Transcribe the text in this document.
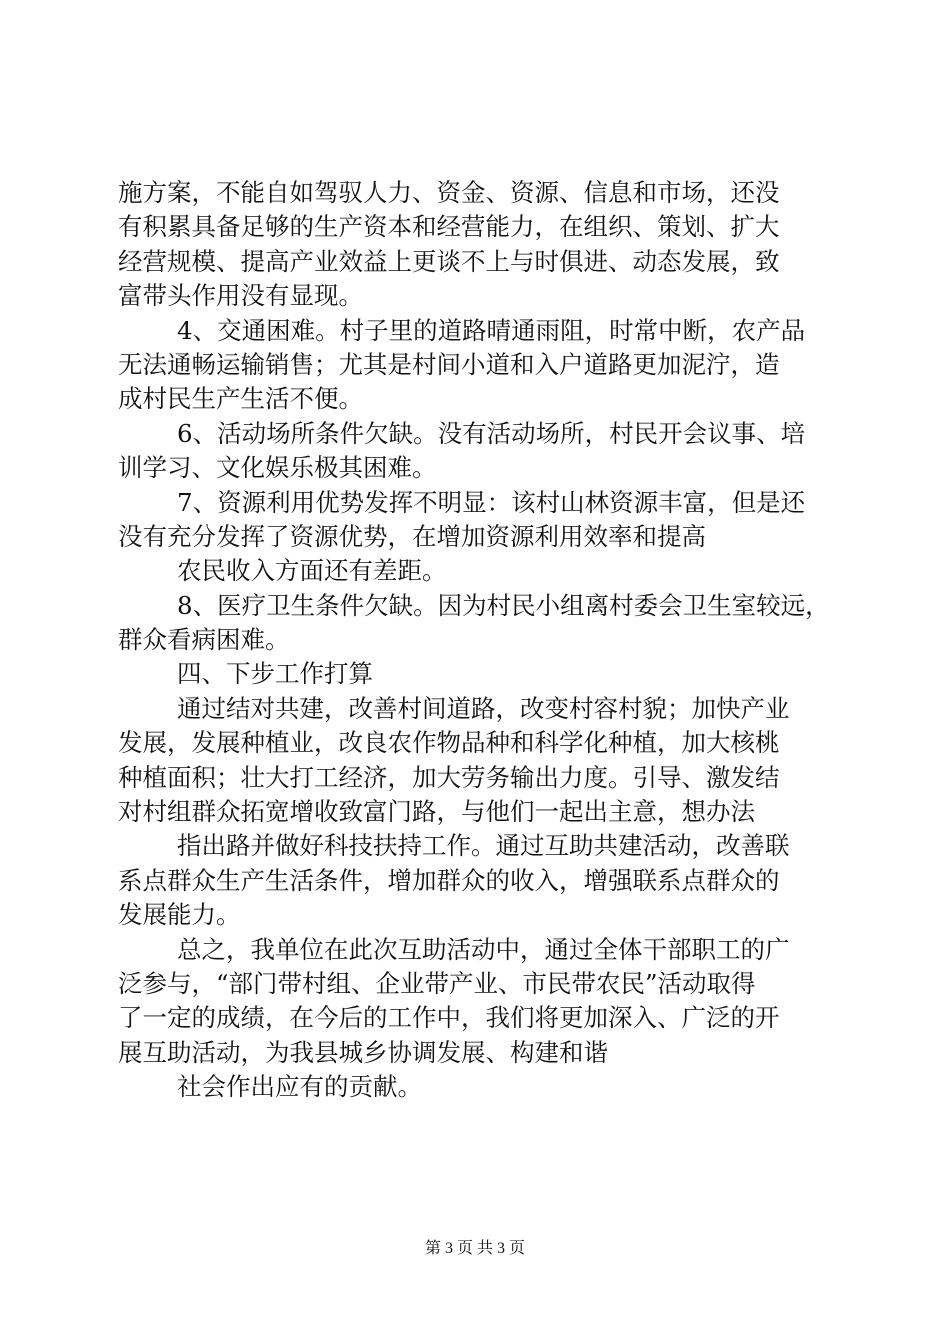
施方案，不能自如驾驭人力、资金、资源、信息和市场，还没
有积累具备足够的生产资本和经营能力，在组织、策划、扩大
经营规模、提高产业效益上更谈不上与时俱进、动态发展，致
富带头作用没有显现。
4、交通困难。村子里的道路晴通雨阻，时常中断，农产品
无法通畅运输销售；尤其是村间小道和入户道路更加泥泞，造
成村民生产生活不便。
6、活动场所条件欠缺。没有活动场所，村民开会议事、培
训学习、文化娱乐极其困难。
7、资源利用优势发挥不明显：该村山林资源丰富，但是还
没有充分发挥了资源优势，在增加资源利用效率和提高
农民收入方面还有差距。
8、医疗卫生条件欠缺。因为村民小组离村委会卫生室较远，
群众看病困难。
四、下步工作打算
通过结对共建，改善村间道路，改变村容村貌；加快产业
发展，发展种植业，改良农作物品种和科学化种植，加大核桃
种植面积；壮大打工经济，加大劳务输出力度。引导、激发结
对村组群众拓宽增收致富门路，与他们一起出主意，想办法
指出路并做好科技扶持工作。通过互助共建活动，改善联
系点群众生产生活条件，增加群众的收入，增强联系点群众的
发展能力。
总之，我单位在此次互助活动中，通过全体干部职工的广
泛参与，“部门带村组、企业带产业、市民带农民”活动取得
了一定的成绩，在今后的工作中，我们将更加深入、广泛的开
展互助活动，为我县城乡协调发展、构建和谐
社会作出应有的贡献。
第 3 页 共 3 页
